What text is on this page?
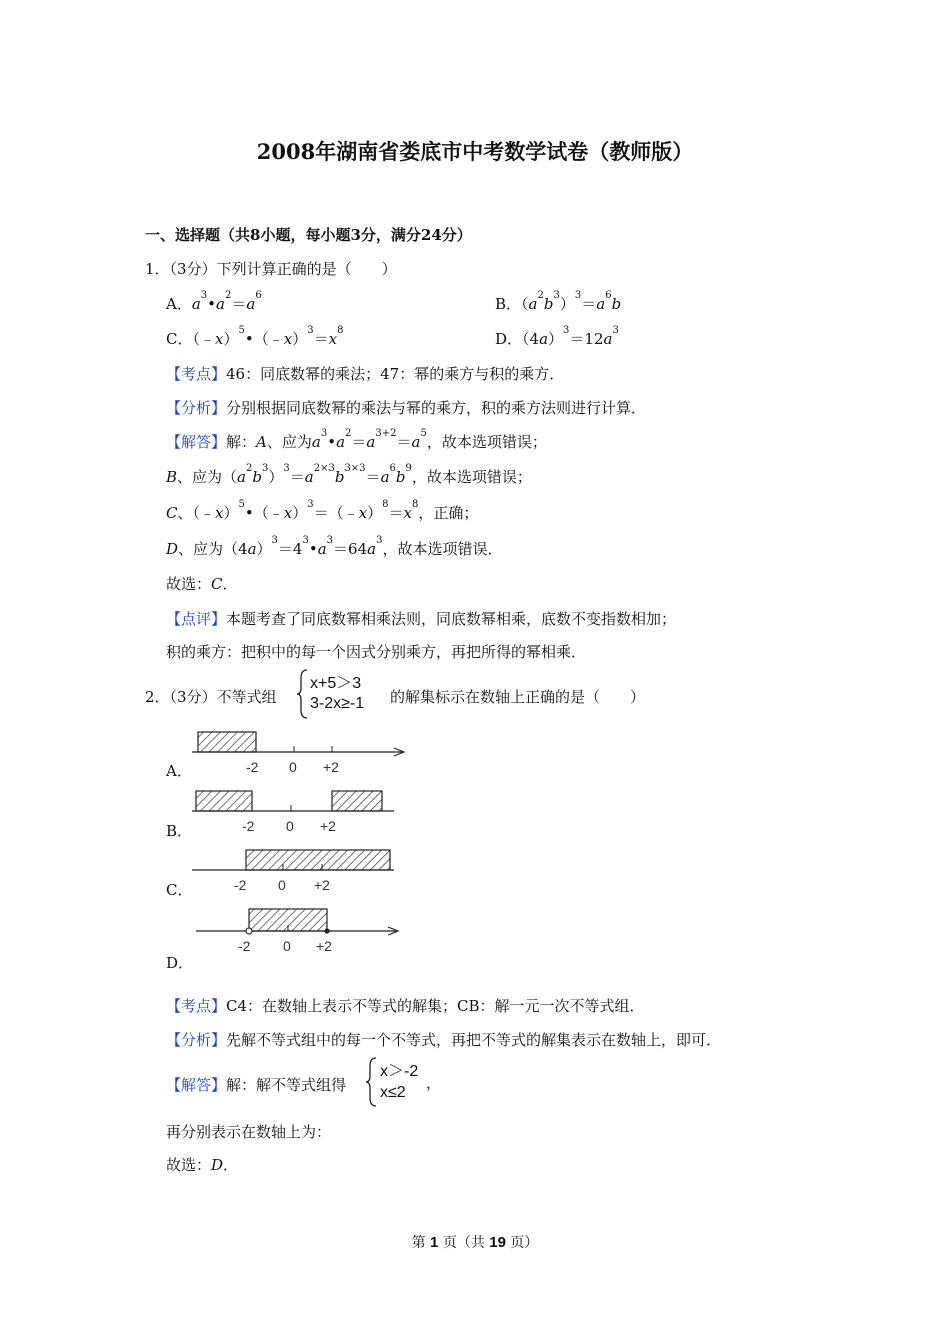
2008年湖南省娄底市中考数学试卷（教师版）
一、选择题（共8小题，每小题3分，满分24分）
1．（3分）下列计算正确的是（　　）
A．$a^3•a^2=a^6$	B．$(a^2b^3)^3=a^6b$
C．$(﹣x)^5•(﹣x)^3=x^8$	D．$(4a)^3=12a^3$
【考点】46：同底数幂的乘法；47：幂的乘方与积的乘方．
【分析】分别根据同底数幂的乘法与幂的乘方，积的乘方法则进行计算．
【解答】解：A、应为$a^3•a^2=a^{3+2}=a^5$，故本选项错误；
B、应为$(a^2b^3)^3=a^{2\times 3}b^{3\times 3}=a^6b^9$，故本选项错误；
C、$(﹣x)^5•(﹣x)^3=(﹣x)^8=x^8$，正确；
D、应为$(4a)^3=4^3•a^3=64a^3$，故本选项错误．
故选：C．
【点评】本题考查了同底数幂相乘法则，同底数幂相乘，底数不变指数相加；
积的乘方：把积中的每一个因式分别乘方，再把所得的幂相乘．
2．（3分）不等式组
x+5＞3
3-2x≥-1 的解集标示在数轴上正确的是（　　）
A．	-2 0 +2
B．	-2 0 +2
C．	-2 0 +2
D．
-2 0 +2
【考点】C4：在数轴上表示不等式的解集；CB：解一元一次不等式组．
【分析】先解不等式组中的每一个不等式，再把不等式的解集表示在数轴上，即可．
【解答】解：解不等式组得
x＞-2
x≤2
，
再分别表示在数轴上为：
故选：D．
第 1 页（共 19 页）
